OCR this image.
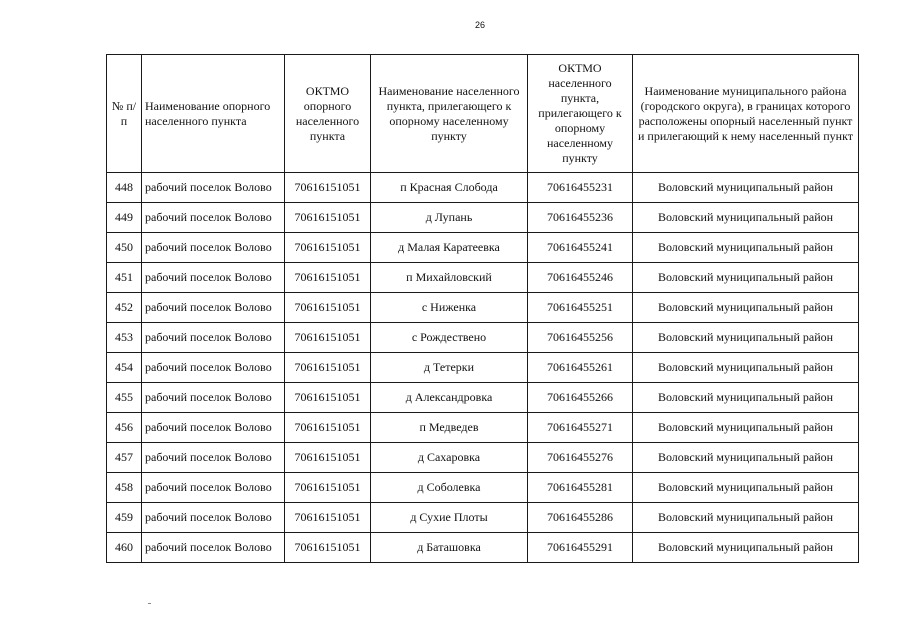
26
№ п/п	Наименование опорного населенного пункта	ОКТМО опорного населенного пункта	Наименование населенного пункта, прилегающего к опорному населенному пункту	ОКТМО населенного пункта, прилегающего к опорному населенному пункту	Наименование муниципального района (городского округа), в границах которого расположены опорный населенный пункт и прилегающий к нему населенный пункт
448	рабочий поселок Волово	70616151051	п Красная Слобода	70616455231	Воловский муниципальный район
449	рабочий поселок Волово	70616151051	д Лупань	70616455236	Воловский муниципальный район
450	рабочий поселок Волово	70616151051	д Малая Каратеевка	70616455241	Воловский муниципальный район
451	рабочий поселок Волово	70616151051	п Михайловский	70616455246	Воловский муниципальный район
452	рабочий поселок Волово	70616151051	с Ниженка	70616455251	Воловский муниципальный район
453	рабочий поселок Волово	70616151051	с Рождествено	70616455256	Воловский муниципальный район
454	рабочий поселок Волово	70616151051	д Тетерки	70616455261	Воловский муниципальный район
455	рабочий поселок Волово	70616151051	д Александровка	70616455266	Воловский муниципальный район
456	рабочий поселок Волово	70616151051	п Медведев	70616455271	Воловский муниципальный район
457	рабочий поселок Волово	70616151051	д Сахаровка	70616455276	Воловский муниципальный район
458	рабочий поселок Волово	70616151051	д Соболевка	70616455281	Воловский муниципальный район
459	рабочий поселок Волово	70616151051	д Сухие Плоты	70616455286	Воловский муниципальный район
460	рабочий поселок Волово	70616151051	д Баташовка	70616455291	Воловский муниципальный район
